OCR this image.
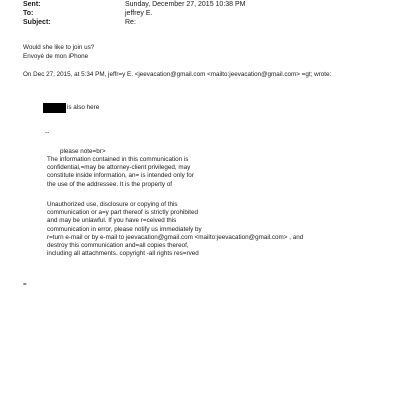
Sent:	Sunday, December 27, 2015 10:38 PM
To:	jeffrey E.
Subject:	Re:
Would she like to join us?
Envoyé de mon iPhone
On Dec 27, 2015, at 5:34 PM, jeffr=y E. <jeevacation@gmail.com <mailto:jeevacation@gmail.com> =gt; wrote:
is also here
--
please note=br>
The information contained in this communication is
confidential,=may be attorney-client privileged, may
constitute inside information, an= is intended only for
the use of the addressee. It is the property of
Unauthorized use, disclosure or copying of this
communication or a=y part thereof is strictly prohibited
and may be unlawful. If you have r=ceived this
communication in error, please notify us immediately by
r=turn e-mail or by e-mail to jeevacation@gmail.com <mailto:jeevacation@gmail.com> , and
destroy this communication and=all copies thereof,
including all attachments. copyright -all rights res=rved
=
